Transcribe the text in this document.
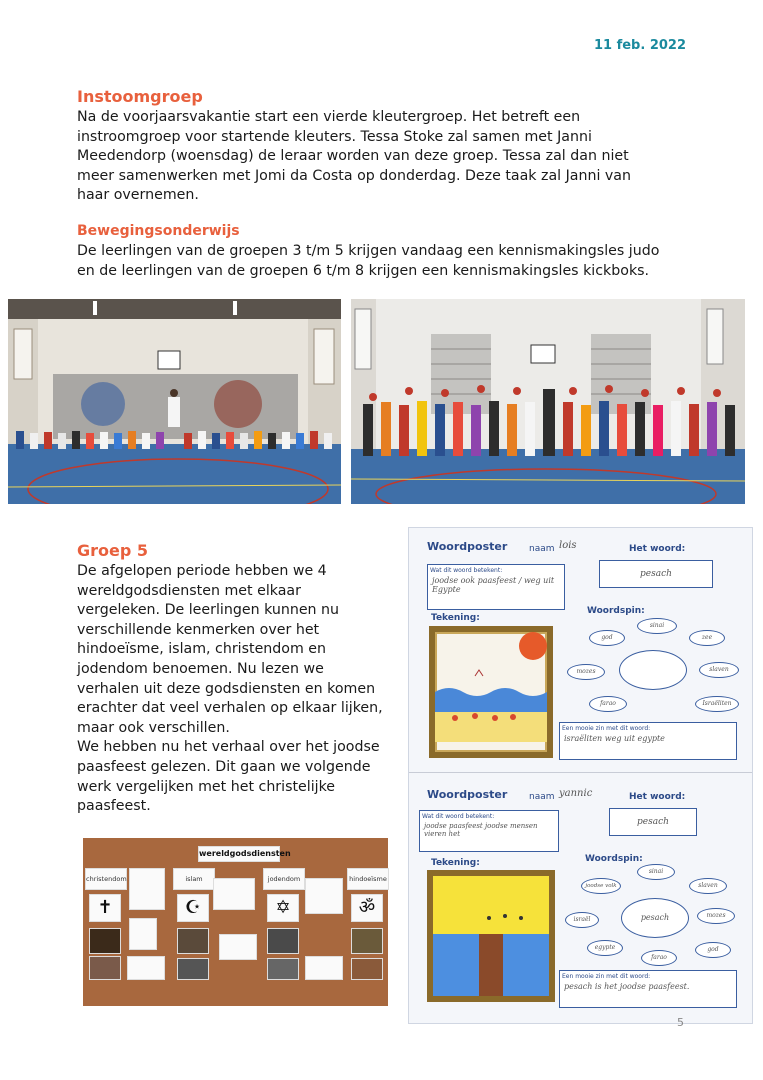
11 feb. 2022
Instoomgroep

Na de voorjaarsvakantie start een vierde kleutergroep. Het betreft een

instroomgroep voor startende kleuters. Tessa Stoke zal samen met Janni

Meedendorp (woensdag) de leraar worden van deze groep. Tessa zal dan niet

meer samenwerken met Jomi da Costa op donderdag. Deze taak zal Janni van

haar overnemen.

Bewegingsonderwijs

De leerlingen van de groepen 3 t/m 5 krijgen vandaag een kennismakingsles judo

en de leerlingen van de groepen 6 t/m 8 krijgen een kennismakingsles kickboks.

Groep 5

De afgelopen periode hebben we 4

wereldgodsdiensten met elkaar

vergeleken. De leerlingen kunnen nu

verschillende kenmerken over het

hindoeïsme, islam, christendom en

jodendom benoemen. Nu lezen we

verhalen uit deze godsdiensten en komen

erachter dat veel verhalen op elkaar lijken,

maar ook verschillen.

We hebben nu het verhaal over het joodse

paasfeest gelezen. Dit gaan we volgende

werk vergelijken met het christelijke

paasfeest.

wereldgodsdiensten
christendom	islam	jodendom	hindoeïsme
✝	☪	✡	ॐ
Woordposter naam lois	Het woord:
Wat dit woord betekent:
joodse ook paasfeest / weg uit Egypte
pesach
Tekening:
Woordspin:
god
sinai
zee
mozes	slaven
farao	Israëliten
Een mooie zin met dit woord:
israëliten weg uit egypte
Woordposter naam yannic	Het woord:
Wat dit woord betekent:
joodse paasfeest joodse mensen vieren het
pesach
Tekening:	Woordspin:
pesach
joodse volk
sinai
slaven
israël
mozes
egypte
farao
god
Een mooie zin met dit woord:
pesach is het joodse paasfeest.
5
